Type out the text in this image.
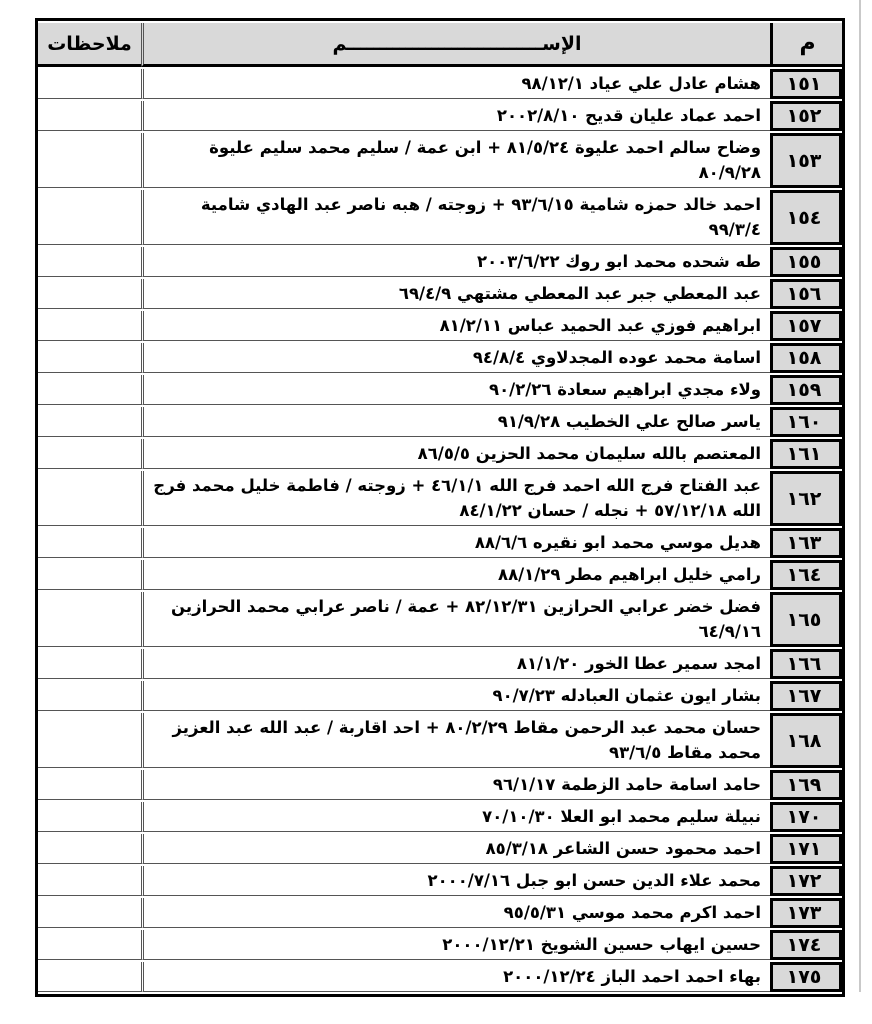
م	الإســــــــــــــــــــــــــــــم	ملاحظات
١٥١	هشام عادل علي عياد ٩٨/١٢/١	
١٥٢	احمد عماد عليان قديح ٢٠٠٢/٨/١٠	
١٥٣	وضاح سالم احمد عليوة ٨١/٥/٢٤ + ابن عمة / سليم محمد سليم عليوة ٨٠/٩/٢٨	
١٥٤	احمد خالد حمزه شامية ٩٣/٦/١٥ + زوجته / هبه ناصر عبد الهادي شامية ٩٩/٣/٤	
١٥٥	طه شحده محمد ابو روك ٢٠٠٣/٦/٢٢	
١٥٦	عبد المعطي جبر عبد المعطي مشتهي ٦٩/٤/٩	
١٥٧	ابراهيم فوزي عبد الحميد عباس ٨١/٢/١١	
١٥٨	اسامة محمد عوده المجدلاوي ٩٤/٨/٤	
١٥٩	ولاء مجدي ابراهيم سعادة ٩٠/٢/٢٦	
١٦٠	ياسر صالح علي الخطيب ٩١/٩/٢٨	
١٦١	المعتصم بالله سليمان محمد الحزين ٨٦/٥/٥	
١٦٢	عبد الفتاح فرج الله احمد فرج الله ٤٦/١/١ + زوجته / فاطمة خليل محمد فرج الله ٥٧/١٢/١٨ + نجله / حسان ٨٤/١/٢٢	
١٦٣	هديل موسي محمد ابو نقيره ٨٨/٦/٦	
١٦٤	رامي خليل ابراهيم مطر ٨٨/١/٢٩	
١٦٥	فضل خضر عرابي الحرازين ٨٢/١٢/٣١ + عمة / ناصر عرابي محمد الحرازين ٦٤/٩/١٦	
١٦٦	امجد سمير عطا الخور ٨١/١/٢٠	
١٦٧	بشار ايون عثمان العبادله ٩٠/٧/٢٣	
١٦٨	حسان محمد عبد الرحمن مقاط ٨٠/٢/٢٩ + احد اقاربة / عبد الله عبد العزيز محمد مقاط ٩٣/٦/٥	
١٦٩	حامد اسامة حامد الزطمة ٩٦/١/١٧	
١٧٠	نبيلة سليم محمد ابو العلا ٧٠/١٠/٣٠	
١٧١	احمد محمود حسن الشاعر ٨٥/٣/١٨	
١٧٢	محمد علاء الدين حسن ابو جبل ٢٠٠٠/٧/١٦	
١٧٣	احمد اكرم محمد موسي ٩٥/٥/٣١	
١٧٤	حسين ايهاب حسين الشويخ ٢٠٠٠/١٢/٢١	
١٧٥	بهاء احمد احمد الباز ٢٠٠٠/١٢/٢٤	
